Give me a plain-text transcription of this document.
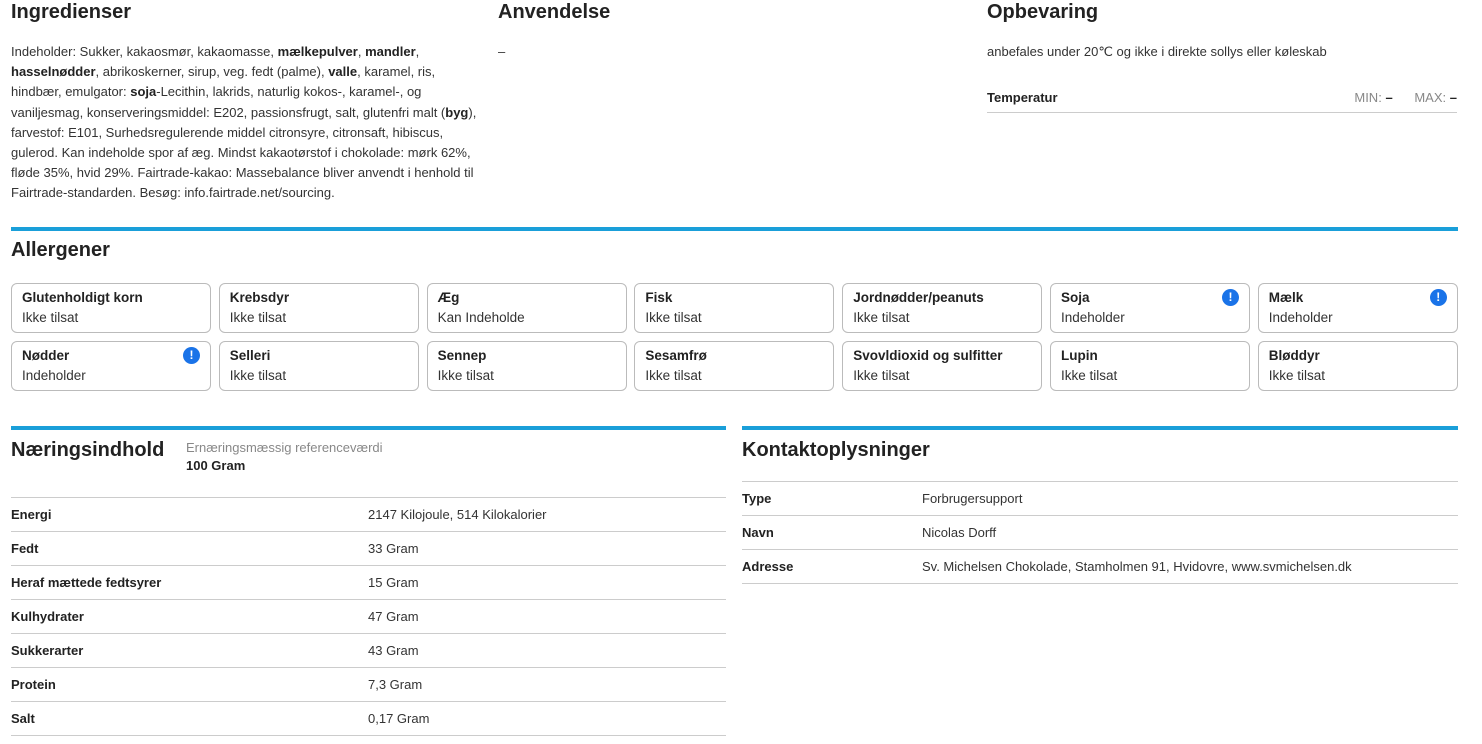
Ingredienser
Indeholder: Sukker, kakaosmør, kakaomasse, mælkepulver, mandler, hasselnødder, abrikoskerner, sirup, veg. fedt (palme), valle, karamel, ris, hindbær, emulgator: soja-Lecithin, lakrids, naturlig kokos-, karamel-, og vaniljesmag, konserveringsmiddel: E202, passionsfrugt, salt, glutenfri malt (byg), farvestof: E101, Surhedsregulerende middel citronsyre, citronsaft, hibiscus, gulerod. Kan indeholde spor af æg. Mindst kakaotørstof i chokolade: mørk 62%, fløde 35%, hvid 29%. Fairtrade-kakao: Massebalance bliver anvendt i henhold til Fairtrade-standarden. Besøg: info.fairtrade.net/sourcing.
Anvendelse
–
Opbevaring
anbefales under 20℃ og ikke i direkte sollys eller køleskab
Temperatur	MIN: – MAX: –
Allergener
Glutenholdigt korn
Ikke tilsat
Krebsdyr
Ikke tilsat
Æg
Kan Indeholde
Fisk
Ikke tilsat
Jordnødder/peanuts
Ikke tilsat
Soja
Indeholder
!	Mælk
Indeholder
!
Nødder
Indeholder
!	Selleri
Ikke tilsat
Sennep
Ikke tilsat
Sesamfrø
Ikke tilsat
Svovldioxid og sulfitter
Ikke tilsat
Lupin
Ikke tilsat
Bløddyr
Ikke tilsat
Næringsindhold Ernæringsmæssig referenceværdi
100 Gram
Energi	2147 Kilojoule, 514 Kilokalorier
Fedt	33 Gram
Heraf mættede fedtsyrer	15 Gram
Kulhydrater	47 Gram
Sukkerarter	43 Gram
Protein	7,3 Gram
Salt	0,17 Gram
Kontaktoplysninger
Type	Forbrugersupport
Navn	Nicolas Dorff
Adresse	Sv. Michelsen Chokolade, Stamholmen 91, Hvidovre, www.svmichelsen.dk
